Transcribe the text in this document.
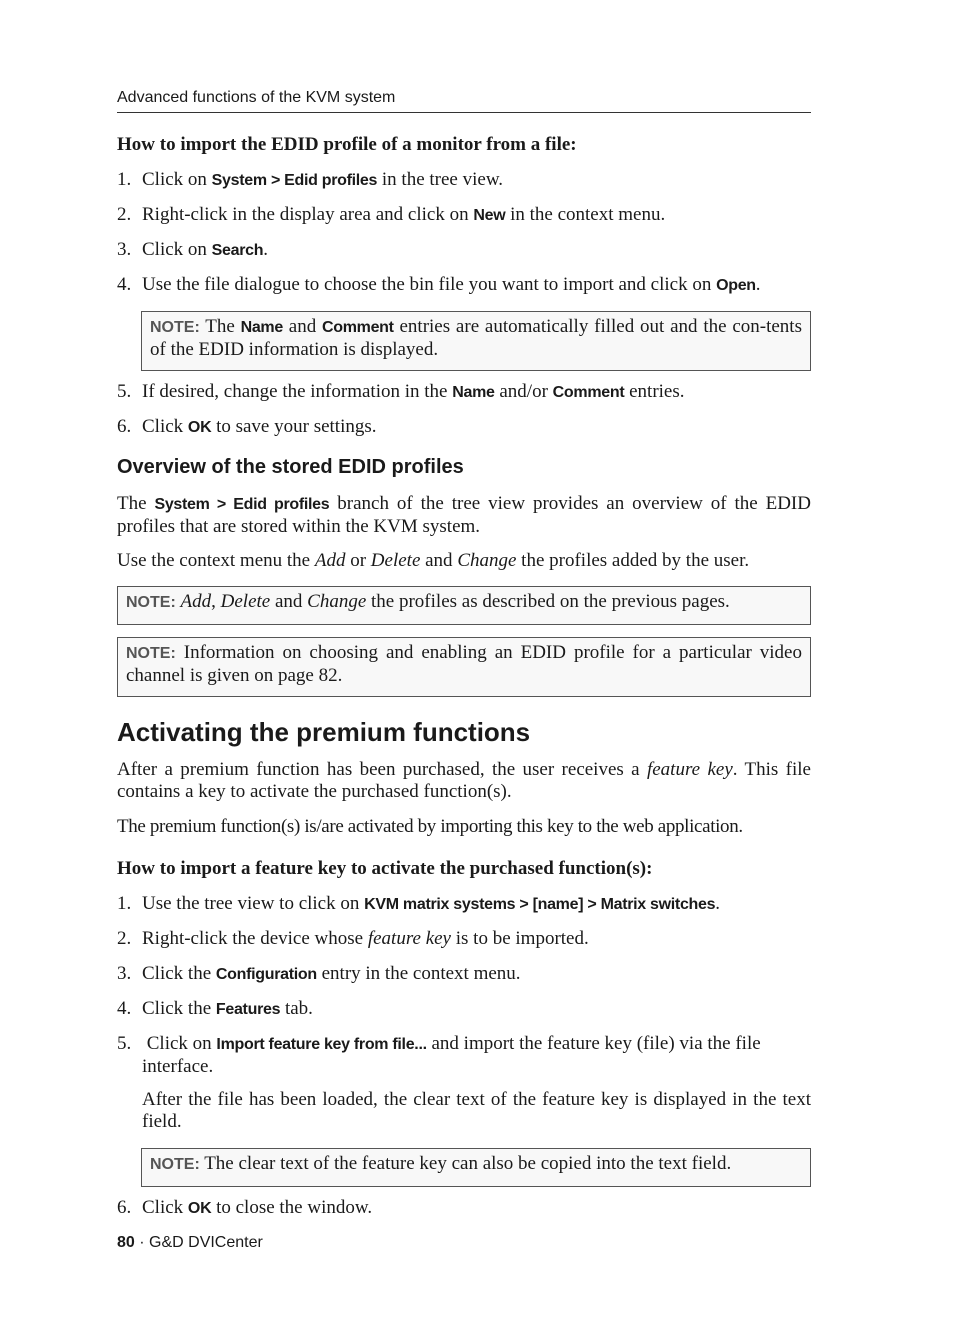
Advanced functions of the KVM system
How to import the EDID profile of a monitor from a file:
1. Click on System > Edid profiles in the tree view.
2. Right-click in the display area and click on New in the context menu.
3. Click on Search.
4. Use the file dialogue to choose the bin file you want to import and click on Open.
NOTE: The Name and Comment entries are automatically filled out and the con-tents of the EDID information is displayed.
5. If desired, change the information in the Name and/or Comment entries.
6. Click OK to save your settings.
Overview of the stored EDID profiles
The System > Edid profiles branch of the tree view provides an overview of the EDID profiles that are stored within the KVM system.
Use the context menu the Add or Delete and Change the profiles added by the user.
NOTE: Add, Delete and Change the profiles as described on the previous pages.
NOTE: Information on choosing and enabling an EDID profile for a particular video channel is given on page 82.
Activating the premium functions
After a premium function has been purchased, the user receives a feature key. This file contains a key to activate the purchased function(s).
The premium function(s) is/are activated by importing this key to the web application.
How to import a feature key to activate the purchased function(s):
1. Use the tree view to click on KVM matrix systems > [name] > Matrix switches.
2. Right-click the device whose feature key is to be imported.
3. Click the Configuration entry in the context menu.
4. Click the Features tab.
5. Click on Import feature key from file... and import the feature key (file) via the file interface.
After the file has been loaded, the clear text of the feature key is displayed in the text field.
NOTE: The clear text of the feature key can also be copied into the text field.
6. Click OK to close the window.
80 · G&D DVICenter
